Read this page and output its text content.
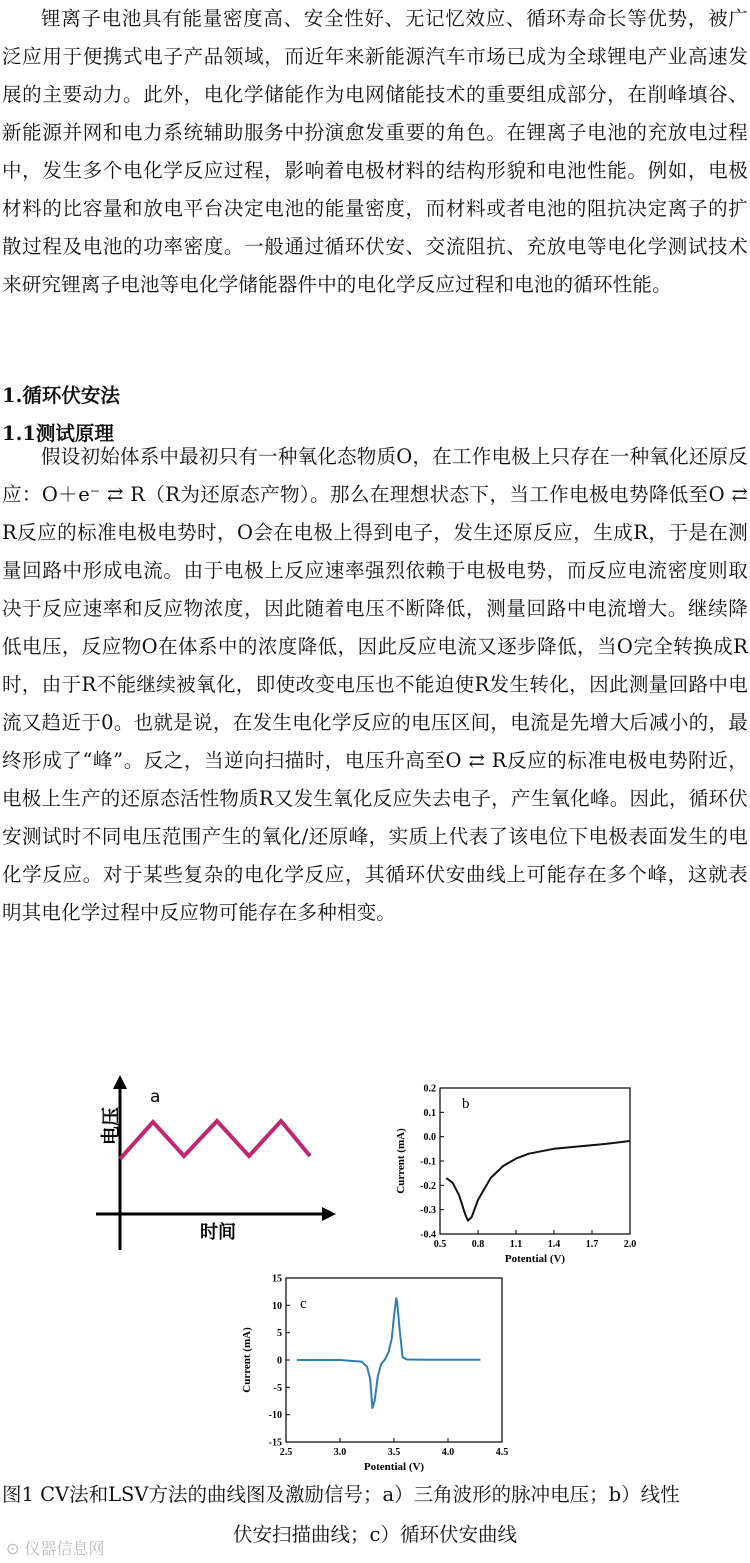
锂离子电池具有能量密度高、安全性好、无记忆效应、循环寿命长等优势，被广泛应用于便携式电子产品领域，而近年来新能源汽车市场已成为全球锂电产业高速发展的主要动力。此外，电化学储能作为电网储能技术的重要组成部分，在削峰填谷、新能源并网和电力系统辅助服务中扮演愈发重要的角色。在锂离子电池的充放电过程中，发生多个电化学反应过程，影响着电极材料的结构形貌和电池性能。例如，电极材料的比容量和放电平台决定电池的能量密度，而材料或者电池的阻抗决定离子的扩散过程及电池的功率密度。一般通过循环伏安、交流阻抗、充放电等电化学测试技术来研究锂离子电池等电化学储能器件中的电化学反应过程和电池的循环性能。

1.循环伏安法

1.1测试原理

假设初始体系中最初只有一种氧化态物质O，在工作电极上只存在一种氧化还原反应：O＋e⁻ ⇄ R（R为还原态产物）。那么在理想状态下，当工作电极电势降低至O ⇄ R反应的标准电极电势时，O会在电极上得到电子，发生还原反应，生成R，于是在测量回路中形成电流。由于电极上反应速率强烈依赖于电极电势，而反应电流密度则取决于反应速率和反应物浓度，因此随着电压不断降低，测量回路中电流增大。继续降低电压，反应物O在体系中的浓度降低，因此反应电流又逐步降低，当O完全转换成R时，由于R不能继续被氧化，即使改变电压也不能迫使R发生转化，因此测量回路中电流又趋近于0。也就是说，在发生电化学反应的电压区间，电流是先增大后减小的，最终形成了“峰”。反之，当逆向扫描时，电压升高至O ⇄ R反应的标准电极电势附近，电极上生产的还原态活性物质R又发生氧化反应失去电子，产生氧化峰。因此，循环伏安测试时不同电压范围产生的氧化/还原峰，实质上代表了该电位下电极表面发生的电化学反应。对于某些复杂的电化学反应，其循环伏安曲线上可能存在多个峰，这就表明其电化学过程中反应物可能存在多种相变。

a
电压
时间
0.5	0.8	1.1	1.4	1.7	2.0
0.2
0.1
0.0
-0.1
-0.2
-0.3
-0.4
Potential (V)
Current (mA)
b
2.5	3.0	3.5	4.0	4.5
15
10
5
0
-5
-10
-15
Potential (V)
Current (mA)
c

图1 CV法和LSV方法的曲线图及激励信号；a）三角波形的脉冲电压；b）线性

伏安扫描曲线；c）循环伏安曲线

⊙ 仪器信息网
